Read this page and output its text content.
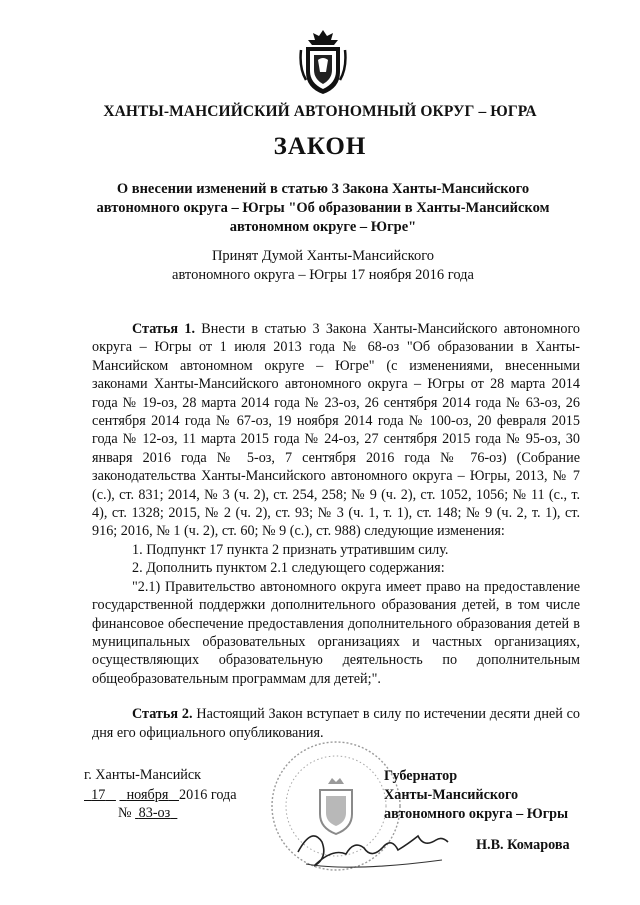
ХАНТЫ-МАНСИЙСКИЙ АВТОНОМНЫЙ ОКРУГ – ЮГРА
ЗАКОН
О внесении изменений в статью 3 Закона Ханты-Мансийского автономного округа – Югры "Об образовании в Ханты-Мансийском автономном округе – Югре"
Принят Думой Ханты-Мансийского
автономного округа – Югры 17 ноября 2016 года

Статья 1. Внести в статью 3 Закона Ханты-Мансийского автономного округа – Югры от 1 июля 2013 года № 68-оз "Об образовании в Ханты-Мансийском автономном округе – Югре" (с изменениями, внесенными законами Ханты-Мансийского автономного округа – Югры от 28 марта 2014 года № 19-оз, 28 марта 2014 года № 23-оз, 26 сентября 2014 года № 63-оз, 26 сентября 2014 года № 67-оз, 19 ноября 2014 года № 100-оз, 20 февраля 2015 года № 12-оз, 11 марта 2015 года № 24-оз, 27 сентября 2015 года № 95-оз, 30 января 2016 года № 5-оз, 7 сентября 2016 года № 76-оз) (Собрание законодательства Ханты-Мансийского автономного округа – Югры, 2013, № 7 (с.), ст. 831; 2014, № 3 (ч. 2), ст. 254, 258; № 9 (ч. 2), ст. 1052, 1056; № 11 (с., т. 4), ст. 1328; 2015, № 2 (ч. 2), ст. 93; № 3 (ч. 1, т. 1), ст. 148; № 9 (ч. 2, т. 1), ст. 916; 2016, № 1 (ч. 2), ст. 60; № 9 (с.), ст. 988) следующие изменения:

1. Подпункт 17 пункта 2 признать утратившим силу.

2. Дополнить пунктом 2.1 следующего содержания:

"2.1) Правительство автономного округа имеет право на предоставление государственной поддержки дополнительного образования детей, в том числе финансовое обеспечение предоставления дополнительного образования детей в муниципальных образовательных организациях и частных организациях, осуществляющих образовательную деятельность по дополнительным общеобразовательным программам для детей;".

Статья 2. Настоящий Закон вступает в силу по истечении десяти дней со дня его официального опубликования.

г. Ханты-Мансийск
17 ноября 2016 года
№ 83-оз
Губернатор
Ханты-Мансийского
автономного округа – Югры
Н.В. Комарова
